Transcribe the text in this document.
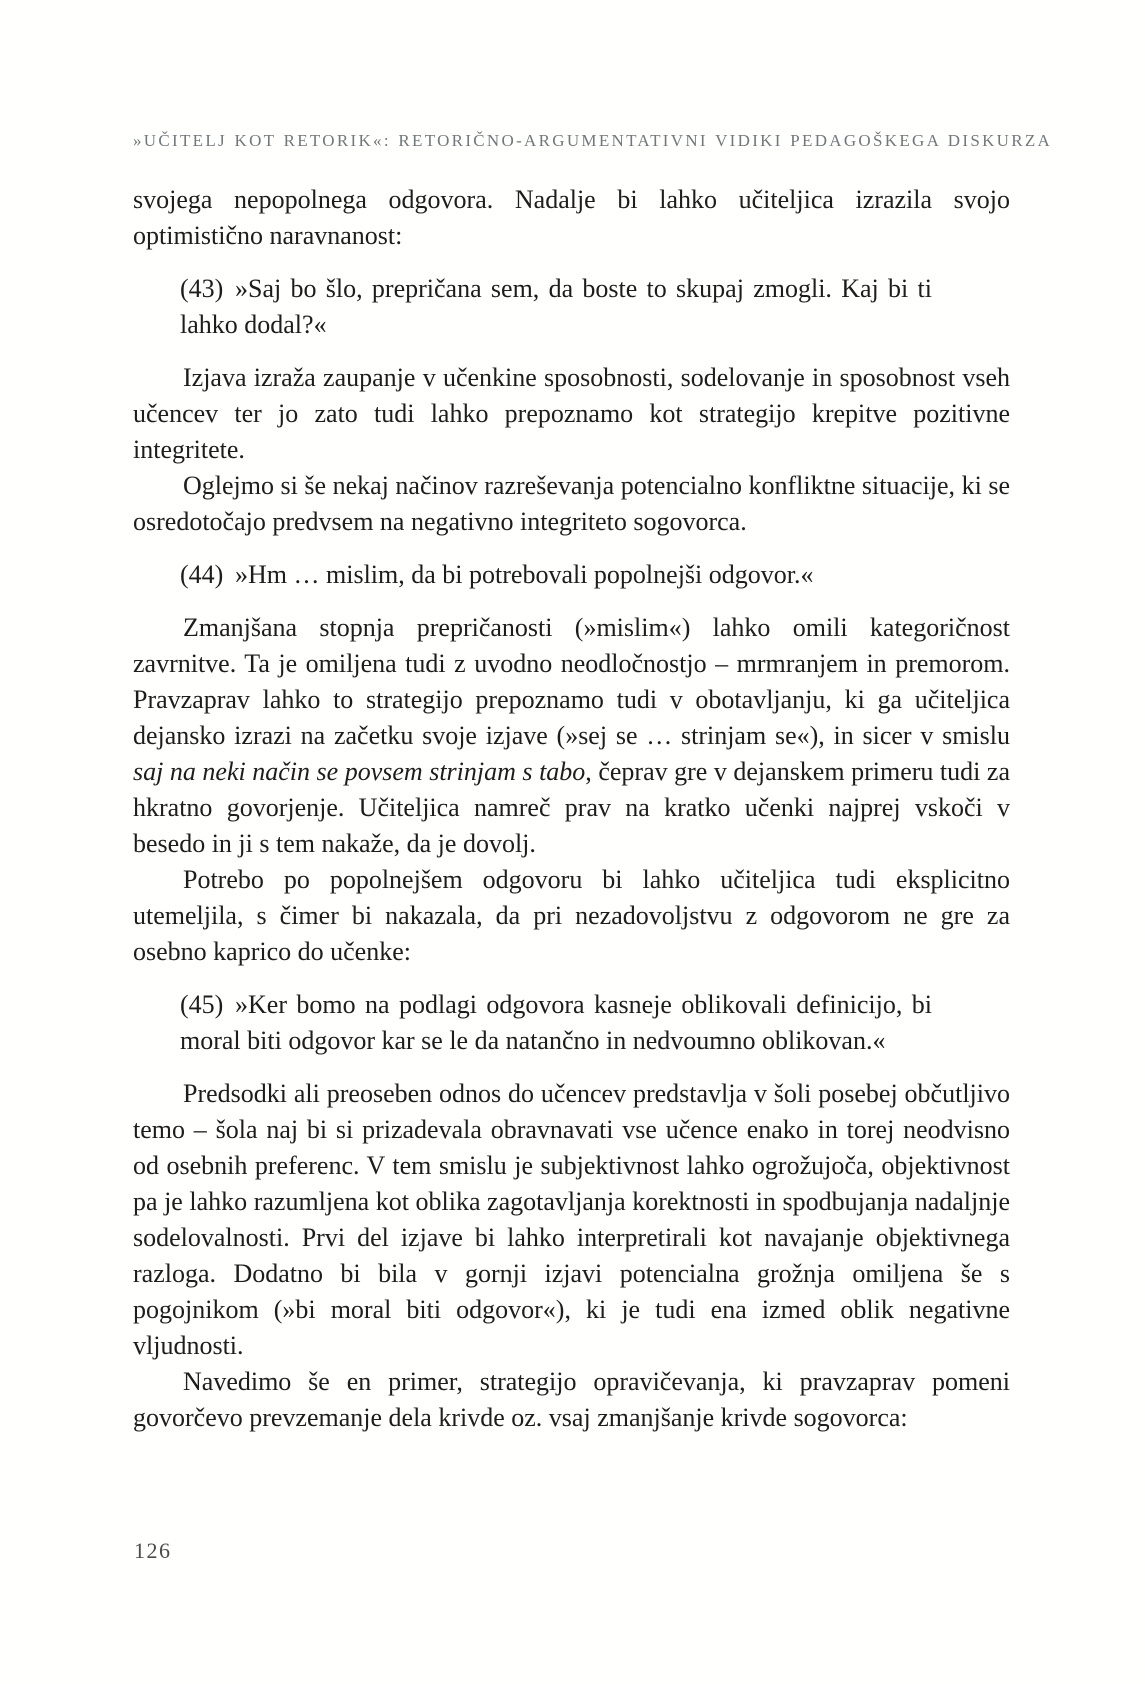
»UČITELJ KOT RETORIK«: RETORIČNO-ARGUMENTATIVNI VIDIKI PEDAGOŠKEGA DISKURZA

svojega nepopolnega odgovora. Nadalje bi lahko učiteljica izrazila svojo optimistično naravnanost:

(43) »Saj bo šlo, prepričana sem, da boste to skupaj zmogli. Kaj bi ti lahko dodal?«

Izjava izraža zaupanje v učenkine sposobnosti, sodelovanje in sposobnost vseh učencev ter jo zato tudi lahko prepoznamo kot strategijo krepitve pozitivne integritete.

Oglejmo si še nekaj načinov razreševanja potencialno konfliktne situacije, ki se osredotočajo predvsem na negativno integriteto sogovorca.

(44) »Hm … mislim, da bi potrebovali popolnejši odgovor.«

Zmanjšana stopnja prepričanosti (»mislim«) lahko omili kategoričnost zavrnitve. Ta je omiljena tudi z uvodno neodločnostjo – mrmranjem in premorom. Pravzaprav lahko to strategijo prepoznamo tudi v obotavljanju, ki ga učiteljica dejansko izrazi na začetku svoje izjave (»sej se … strinjam se«), in sicer v smislu saj na neki način se povsem strinjam s tabo, čeprav gre v dejanskem primeru tudi za hkratno govorjenje. Učiteljica namreč prav na kratko učenki najprej vskoči v besedo in ji s tem nakaže, da je dovolj.

Potrebo po popolnejšem odgovoru bi lahko učiteljica tudi eksplicitno utemeljila, s čimer bi nakazala, da pri nezadovoljstvu z odgovorom ne gre za osebno kaprico do učenke:

(45) »Ker bomo na podlagi odgovora kasneje oblikovali definicijo, bi moral biti odgovor kar se le da natančno in nedvoumno oblikovan.«

Predsodki ali preoseben odnos do učencev predstavlja v šoli posebej občutljivo temo – šola naj bi si prizadevala obravnavati vse učence enako in torej neodvisno od osebnih preferenc. V tem smislu je subjektivnost lahko ogrožujoča, objektivnost pa je lahko razumljena kot oblika zagotavljanja korektnosti in spodbujanja nadaljnje sodelovalnosti. Prvi del izjave bi lahko interpretirali kot navajanje objektivnega razloga. Dodatno bi bila v gornji izjavi potencialna grožnja omiljena še s pogojnikom (»bi moral biti odgovor«), ki je tudi ena izmed oblik negativne vljudnosti.

Navedimo še en primer, strategijo opravičevanja, ki pravzaprav pomeni govorčevo prevzemanje dela krivde oz. vsaj zmanjšanje krivde sogovorca:

126
